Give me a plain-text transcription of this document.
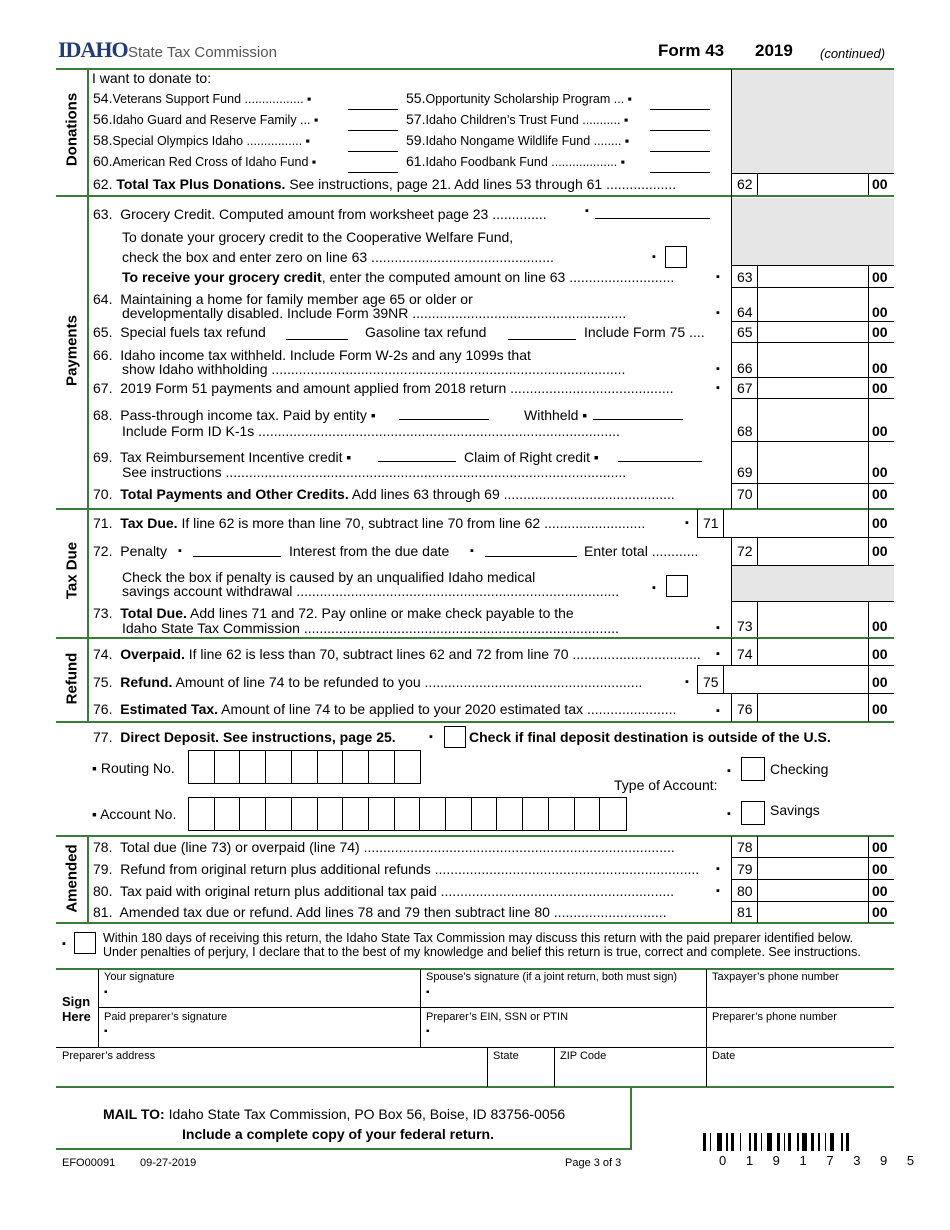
IDAHO State Tax Commission	Form 43 2019 (continued)
Donations
Payments
Tax Due
Refund
Amended
I want to donate to:
54.Veterans Support Fund ................. ▪	55.Opportunity Scholarship Program ... ▪
56.Idaho Guard and Reserve Family ... ▪	57.Idaho Children’s Trust Fund ........... ▪
58.Special Olympics Idaho ................ ▪	59.Idaho Nongame Wildlife Fund ........ ▪
60.American Red Cross of Idaho Fund ▪	61.Idaho Foodbank Fund ................... ▪
62. Total Tax Plus Donations. See instructions, page 21. Add lines 53 through 61 ..................	62	00
63. Grocery Credit. Computed amount from worksheet page 23 ..............	▪
To donate your grocery credit to the Cooperative Welfare Fund,
check the box and enter zero on line 63 ...............................................	▪
To receive your grocery credit, enter the computed amount on line 63 ...........................	▪ 63	00
64. Maintaining a home for family member age 65 or older or
developmentally disabled. Include Form 39NR .......................................................	▪ 64	00
65. Special fuels tax refund	Gasoline tax refund	Include Form 75 .... 65	00
66. Idaho income tax withheld. Include Form W-2s and any 1099s that
show Idaho withholding ...........................................................................................	▪ 66	00
67. 2019 Form 51 payments and amount applied from 2018 return ..........................................	▪ 67	00
68. Pass-through income tax. Paid by entity ▪	Withheld ▪
Include Form ID K-1s .............................................................................................	68	00
69. Tax Reimbursement Incentive credit ▪	Claim of Right credit ▪
See instructions .......................................................................................................	69	00
70. Total Payments and Other Credits. Add lines 63 through 69 ............................................	70	00
71. Tax Due. If line 62 is more than line 70, subtract line 70 from line 62 ..........................	▪ 71	00
72. Penalty ▪	Interest from the due date ▪	Enter total ............	72	00
Check the box if penalty is caused by an unqualified Idaho medical
savings account withdrawal ...................................................................................	▪
73. Total Due. Add lines 71 and 72. Pay online or make check payable to the
Idaho State Tax Commission .................................................................................	▪ 73	00
74. Overpaid. If line 62 is less than 70, subtract lines 62 and 72 from line 70 ................................. ▪ 74	00
75. Refund. Amount of line 74 to be refunded to you ........................................................	▪ 75	00
76. Estimated Tax. Amount of line 74 to be applied to your 2020 estimated tax .......................	▪ 76	00
77. Direct Deposit. See instructions, page 25.	▪	Check if final deposit destination is outside of the U.S.
▪ Routing No.
▪ Account No.
Type of Account:
▪	Checking
▪	Savings
78. Total due (line 73) or overpaid (line 74) ................................................................................	78	00
79. Refund from original return plus additional refunds .................................................................... ▪ 79	00
80. Tax paid with original return plus additional tax paid ............................................................	▪ 80	00
81. Amended tax due or refund. Add lines 78 and 79 then subtract line 80 .............................	81	00
▪	Within 180 days of receiving this return, the Idaho State Tax Commission may discuss this return with the paid preparer identified below.
Under penalties of perjury, I declare that to the best of my knowledge and belief this return is true, correct and complete. See instructions.
Sign
Here
Your signature
▪
Spouse’s signature (if a joint return, both must sign)
▪
Taxpayer’s phone number
Paid preparer’s signature
▪
Preparer’s EIN, SSN or PTIN
▪
Preparer’s phone number
Preparer’s address	State	ZIP Code	Date
MAIL TO: Idaho State Tax Commission, PO Box 56, Boise, ID 83756-0056
Include a complete copy of your federal return.
EFO00091 09-27-2019	Page 3 of 3	0 1 9 1 7 3 9 5
